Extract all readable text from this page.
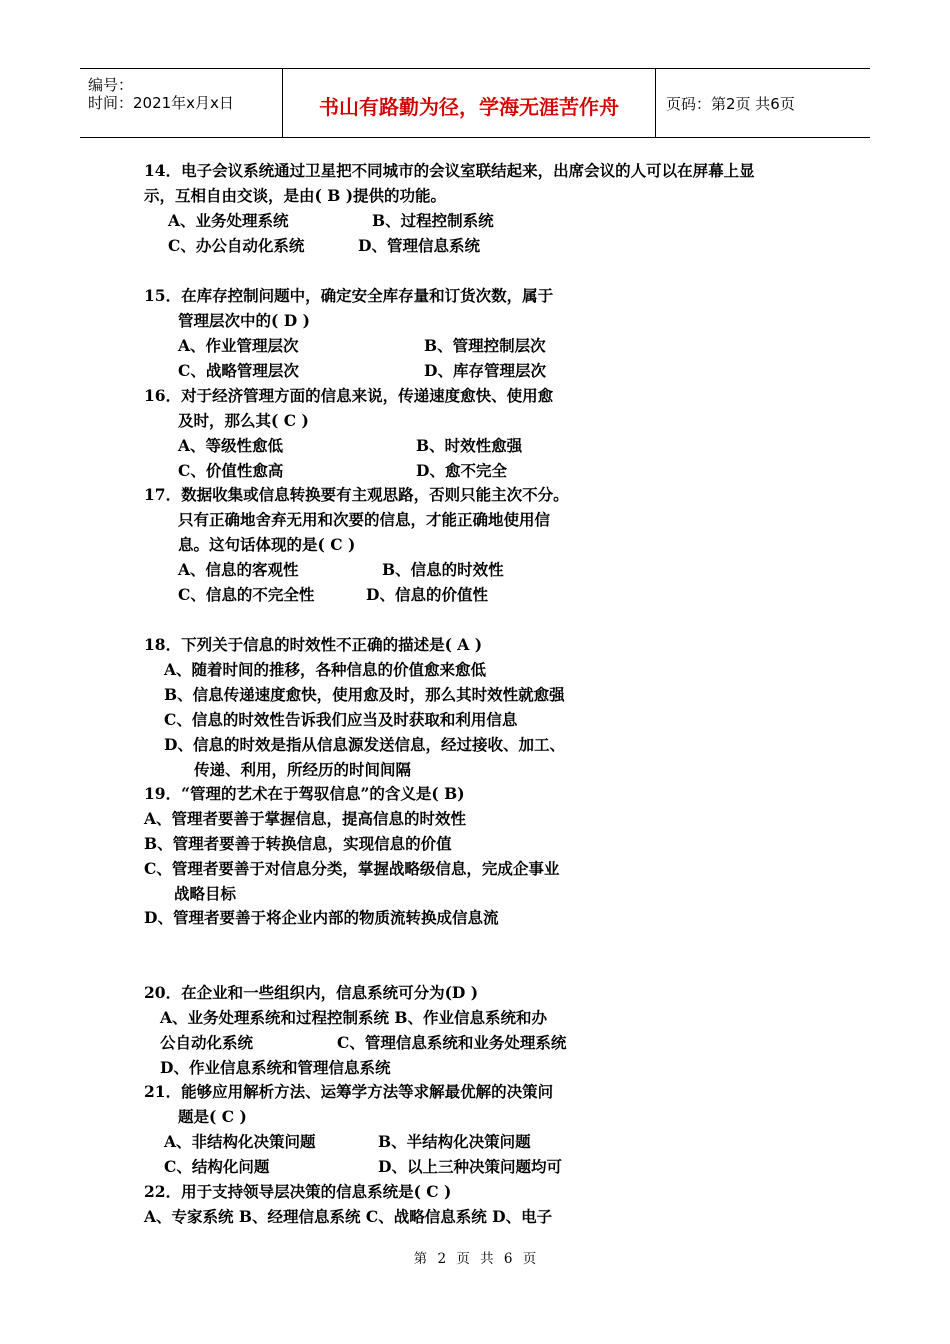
编号：
时间：2021年x月x日	书山有路勤为径，学海无涯苦作舟	页码：第2页 共6页
14．电子会议系统通过卫星把不同城市的会议室联结起来，出席会议的人可以在屏幕上显
示，互相自由交谈，是由( B )提供的功能。
A、业务处理系统	B、过程控制系统
C、办公自动化系统	D、管理信息系统
15．在库存控制问题中，确定安全库存量和订货次数，属于
管理层次中的( D )
A、作业管理层次	B、管理控制层次
C、战略管理层次	D、库存管理层次
16．对于经济管理方面的信息来说，传递速度愈快、使用愈
及时，那么其( C )
A、等级性愈低	B、时效性愈强
C、价值性愈高	D、愈不完全
17．数据收集或信息转换要有主观思路，否则只能主次不分。
只有正确地舍弃无用和次要的信息，才能正确地使用信
息。这句话体现的是( C )
A、信息的客观性	B、信息的时效性
C、信息的不完全性	D、信息的价值性
18．下列关于信息的时效性不正确的描述是( A )
A、随着时间的推移，各种信息的价值愈来愈低
B、信息传递速度愈快，使用愈及时，那么其时效性就愈强
C、信息的时效性告诉我们应当及时获取和利用信息
D、信息的时效是指从信息源发送信息，经过接收、加工、
传递、利用，所经历的时间间隔
19．“管理的艺术在于驾驭信息”的含义是( B)
A、管理者要善于掌握信息，提高信息的时效性
B、管理者要善于转换信息，实现信息的价值
C、管理者要善于对信息分类，掌握战略级信息，完成企事业
战略目标
D、管理者要善于将企业内部的物质流转换成信息流
20．在企业和一些组织内，信息系统可分为(D )
A、业务处理系统和过程控制系统 B、作业信息系统和办
公自动化系统	C、管理信息系统和业务处理系统
D、作业信息系统和管理信息系统
21．能够应用解析方法、运筹学方法等求解最优解的决策问
题是( C )
A、非结构化决策问题	B、半结构化决策问题
C、结构化问题	D、以上三种决策问题均可
22．用于支持领导层决策的信息系统是( C )
A、专家系统 B、经理信息系统 C、战略信息系统 D、电子
第 2 页 共 6 页
